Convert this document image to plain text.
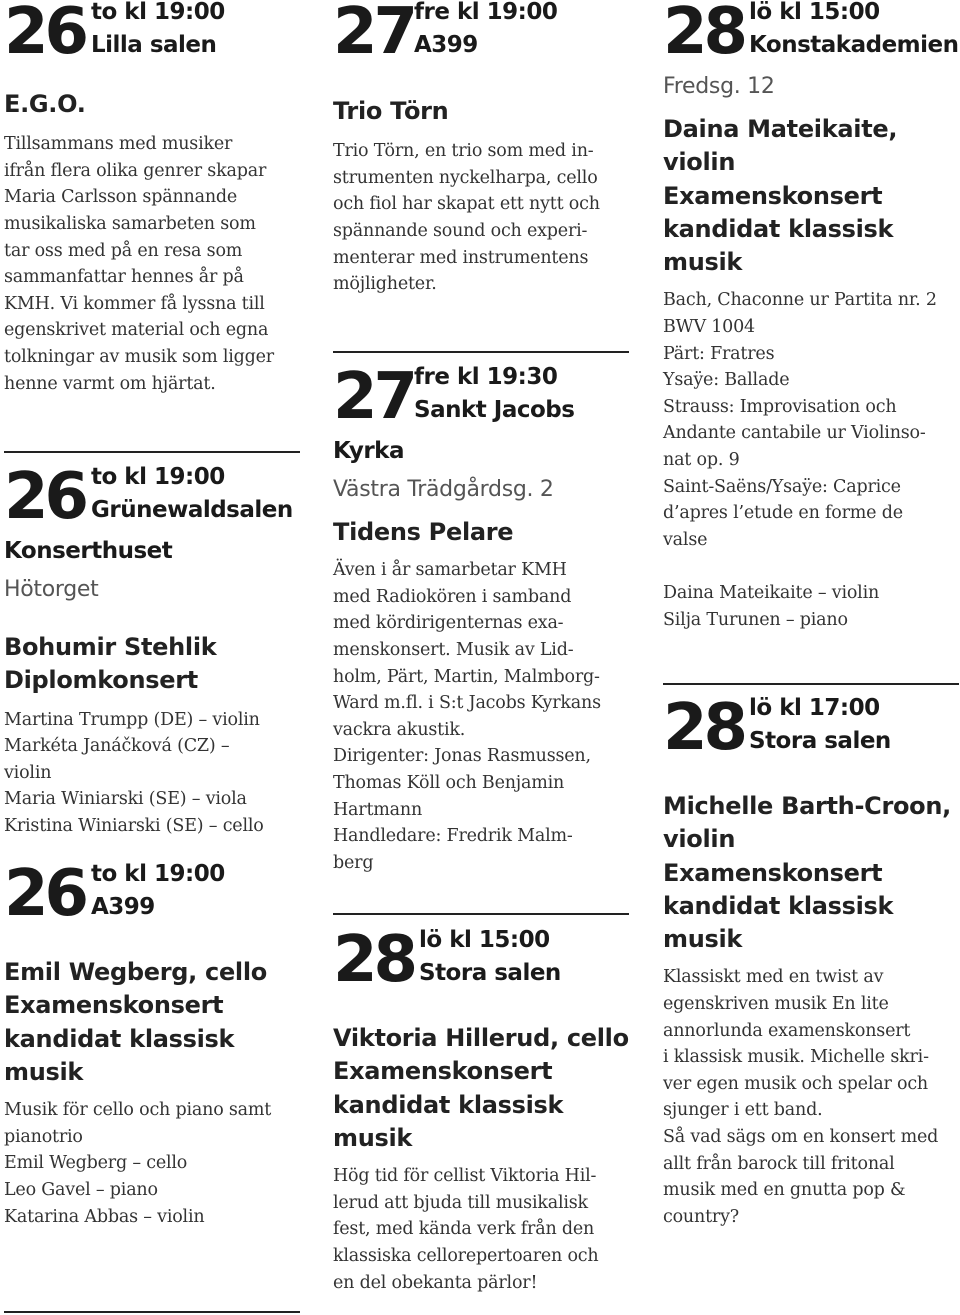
26 to kl 19:00
Lilla salen
E.G.O.
Tillsammans med musiker
ifrån flera olika genrer skapar
Maria Carlsson spännande
musikaliska samarbeten som
tar oss med på en resa som
sammanfattar hennes år på
KMH. Vi kommer få lyssna till
egenskrivet material och egna
tolkningar av musik som ligger
henne varmt om hjärtat.
26 to kl 19:00
Grünewaldsalen
Konserthuset
Hötorget
Bohumir Stehlik
Diplomkonsert
Martina Trumpp (DE) – violin
Markéta Janáčková (CZ) –
violin
Maria Winiarski (SE) – viola
Kristina Winiarski (SE) – cello
26 to kl 19:00
A399
Emil Wegberg, cello
Examenskonsert
kandidat klassisk
musik
Musik för cello och piano samt
pianotrio
Emil Wegberg – cello
Leo Gavel – piano
Katarina Abbas – violin
27 fre kl 19:00
A399
Trio Törn
Trio Törn, en trio som med in-
strumenten nyckelharpa, cello
och fiol har skapat ett nytt och
spännande sound och experi-
menterar med instrumentens
möjligheter.
27 fre kl 19:30
Sankt Jacobs
Kyrka
Västra Trädgårdsg. 2
Tidens Pelare
Även i år samarbetar KMH
med Radiokören i samband
med kördirigenternas exa-
menskonsert. Musik av Lid-
holm, Pärt, Martin, Malmborg-
Ward m.fl. i S:t Jacobs Kyrkans
vackra akustik.
Dirigenter: Jonas Rasmussen,
Thomas Köll och Benjamin
Hartmann
Handledare: Fredrik Malm-
berg
28 lö kl 15:00
Stora salen
Viktoria Hillerud, cello
Examenskonsert
kandidat klassisk
musik
Hög tid för cellist Viktoria Hil-
lerud att bjuda till musikalisk
fest, med kända verk från den
klassiska cellorepertoaren och
en del obekanta pärlor!
28 lö kl 15:00
Konstakademien
Fredsg. 12
Daina Mateikaite,
violin
Examenskonsert
kandidat klassisk
musik
Bach, Chaconne ur Partita nr. 2
BWV 1004
Pärt: Fratres
Ysaÿe: Ballade
Strauss: Improvisation och
Andante cantabile ur Violinso-
nat op. 9
Saint-Saëns/Ysaÿe: Caprice
d’apres l’etude en forme de
valse
Daina Mateikaite – violin
Silja Turunen – piano
28 lö kl 17:00
Stora salen
Michelle Barth-Croon,
violin
Examenskonsert
kandidat klassisk
musik
Klassiskt med en twist av
egenskriven musik En lite
annorlunda examenskonsert
i klassisk musik. Michelle skri-
ver egen musik och spelar och
sjunger i ett band.
Så vad sägs om en konsert med
allt från barock till fritonal
musik med en gnutta pop &
country?
